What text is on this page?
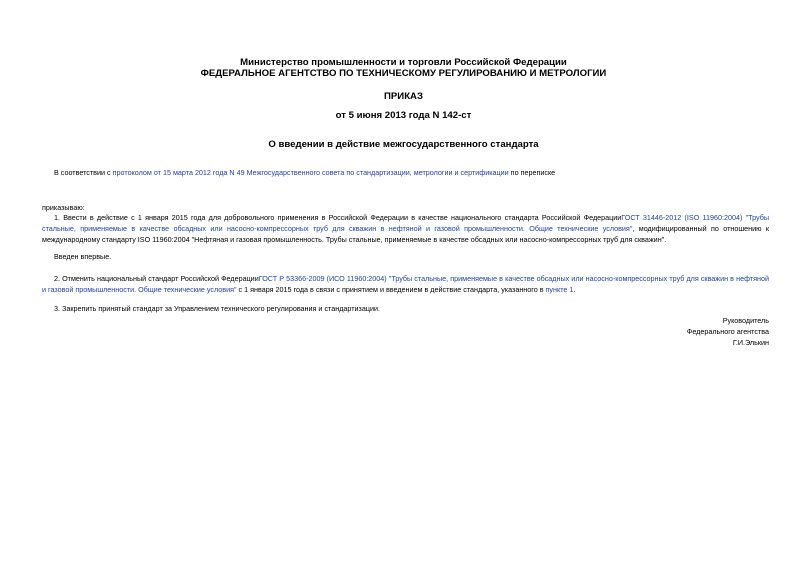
Министерство промышленности и торговли Российской Федерации
ФЕДЕРАЛЬНОЕ АГЕНТСТВО ПО ТЕХНИЧЕСКОМУ РЕГУЛИРОВАНИЮ И МЕТРОЛОГИИ
ПРИКАЗ
от 5 июня 2013 года N 142-ст
О введении в действие межгосударственного стандарта
В соответствии с протоколом от 15 марта 2012 года N 49 Межгосударственного совета по стандартизации, метрологии и сертификации по переписке
приказываю:
1. Ввести в действие с 1 января 2015 года для добровольного применения в Российской Федерации в качестве национального стандарта Российской ФедерацииГОСТ 31446-2012 (ISO 11960:2004) "Трубы стальные, применяемые в качестве обсадных или насосно-компрессорных труб для скважин в нефтяной и газовой промышленности. Общие технические условия", модифицированный по отношению к международному стандарту ISO 11960:2004 "Нефтяная и газовая промышленность. Трубы стальные, применяемые в качестве обсадных или насосно-компрессорных труб для скважин".
Введен впервые.
2. Отменить национальный стандарт Российской ФедерацииГОСТ Р 53366-2009 (ИСО 11960:2004) "Трубы стальные, применяемые в качестве обсадных или насосно-компрессорных труб для скважин в нефтяной и газовой промышленности. Общие технические условия" с 1 января 2015 года в связи с принятием и введением в действие стандарта, указанного в пункте 1.
3. Закрепить принятый стандарт за Управлением технического регулирования и стандартизации.
Руководитель
Федерального агентства
Г.И.Элькин
